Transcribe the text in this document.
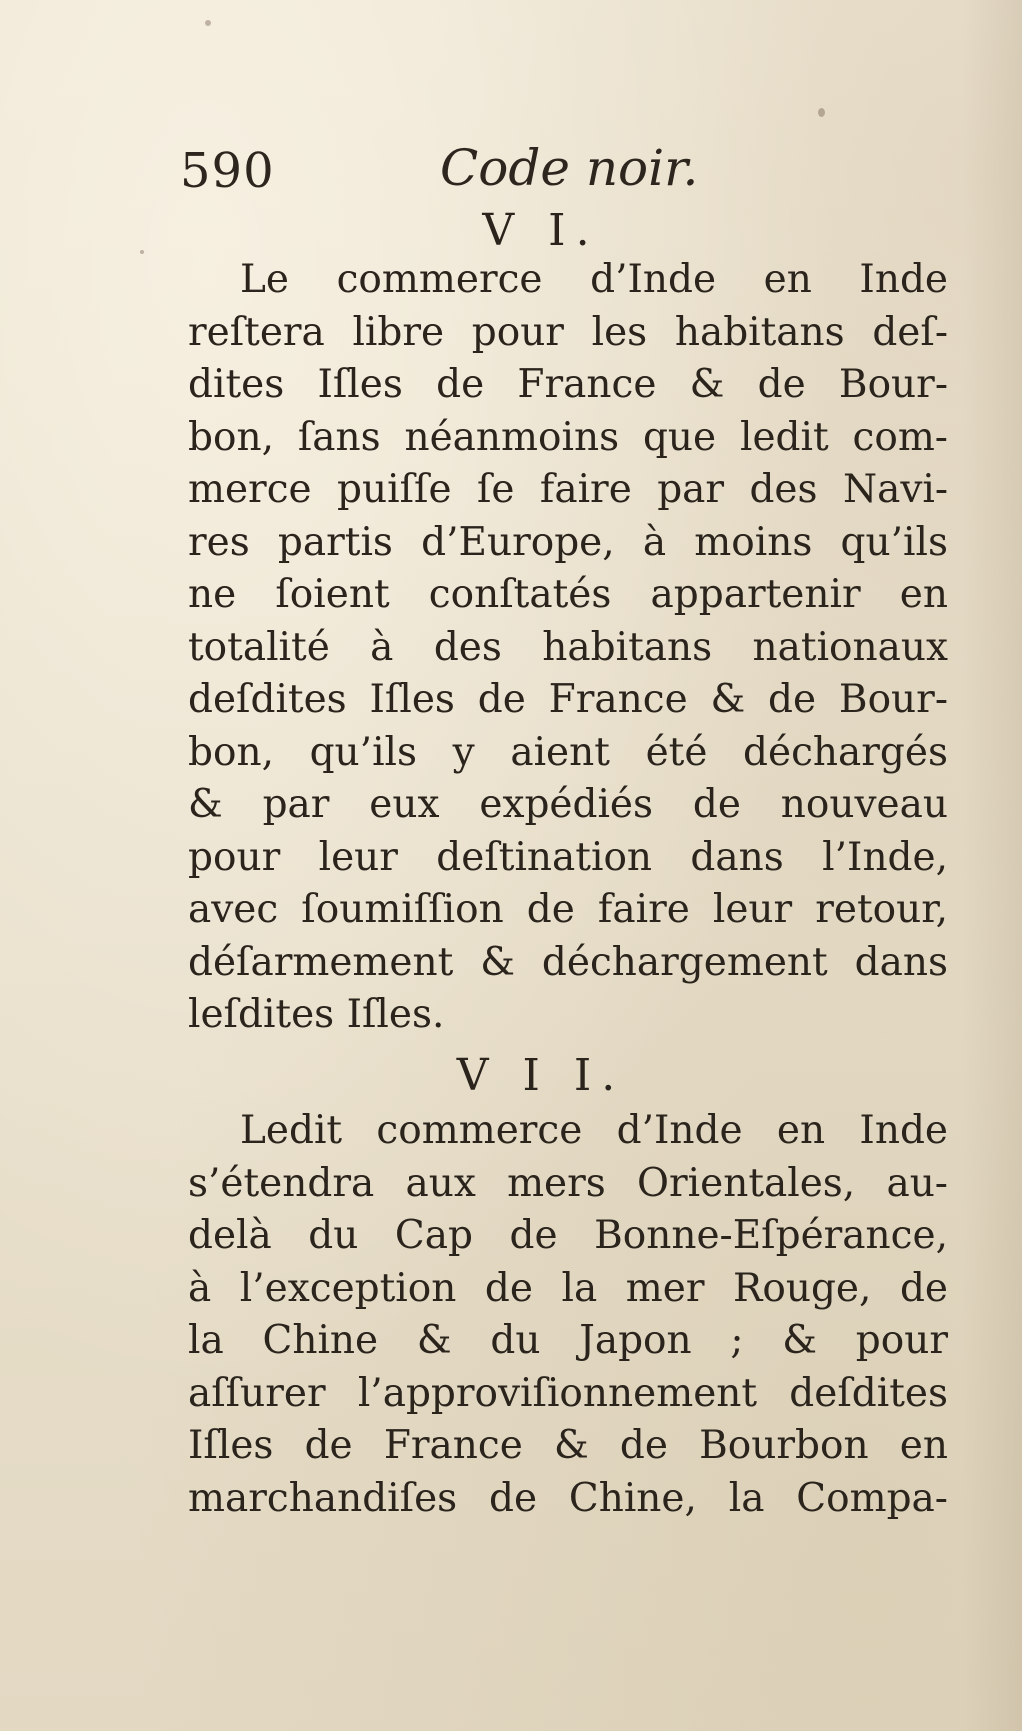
590	Code noir.
V I.
Le commerce d’Inde en Inde
reſtera libre pour les habitans deſ-
dites Iſles de France & de Bour-
bon, ſans néanmoins que ledit com-
merce puiſſe ſe faire par des Navi-
res partis d’Europe, à moins qu’ils
ne ſoient conſtatés appartenir en
totalité à des habitans nationaux
deſdites Iſles de France & de Bour-
bon, qu’ils y aient été déchargés
& par eux expédiés de nouveau
pour leur deſtination dans l’Inde,
avec ſoumiſſion de faire leur retour,
déſarmement & déchargement dans
leſdites Iſles.
V I I.
Ledit commerce d’Inde en Inde
s’étendra aux mers Orientales, au-
delà du Cap de Bonne-Eſpérance,
à l’exception de la mer Rouge, de
la Chine & du Japon ; & pour
aſſurer l’approviſionnement deſdites
Iſles de France & de Bourbon en
marchandiſes de Chine, la Compa-
